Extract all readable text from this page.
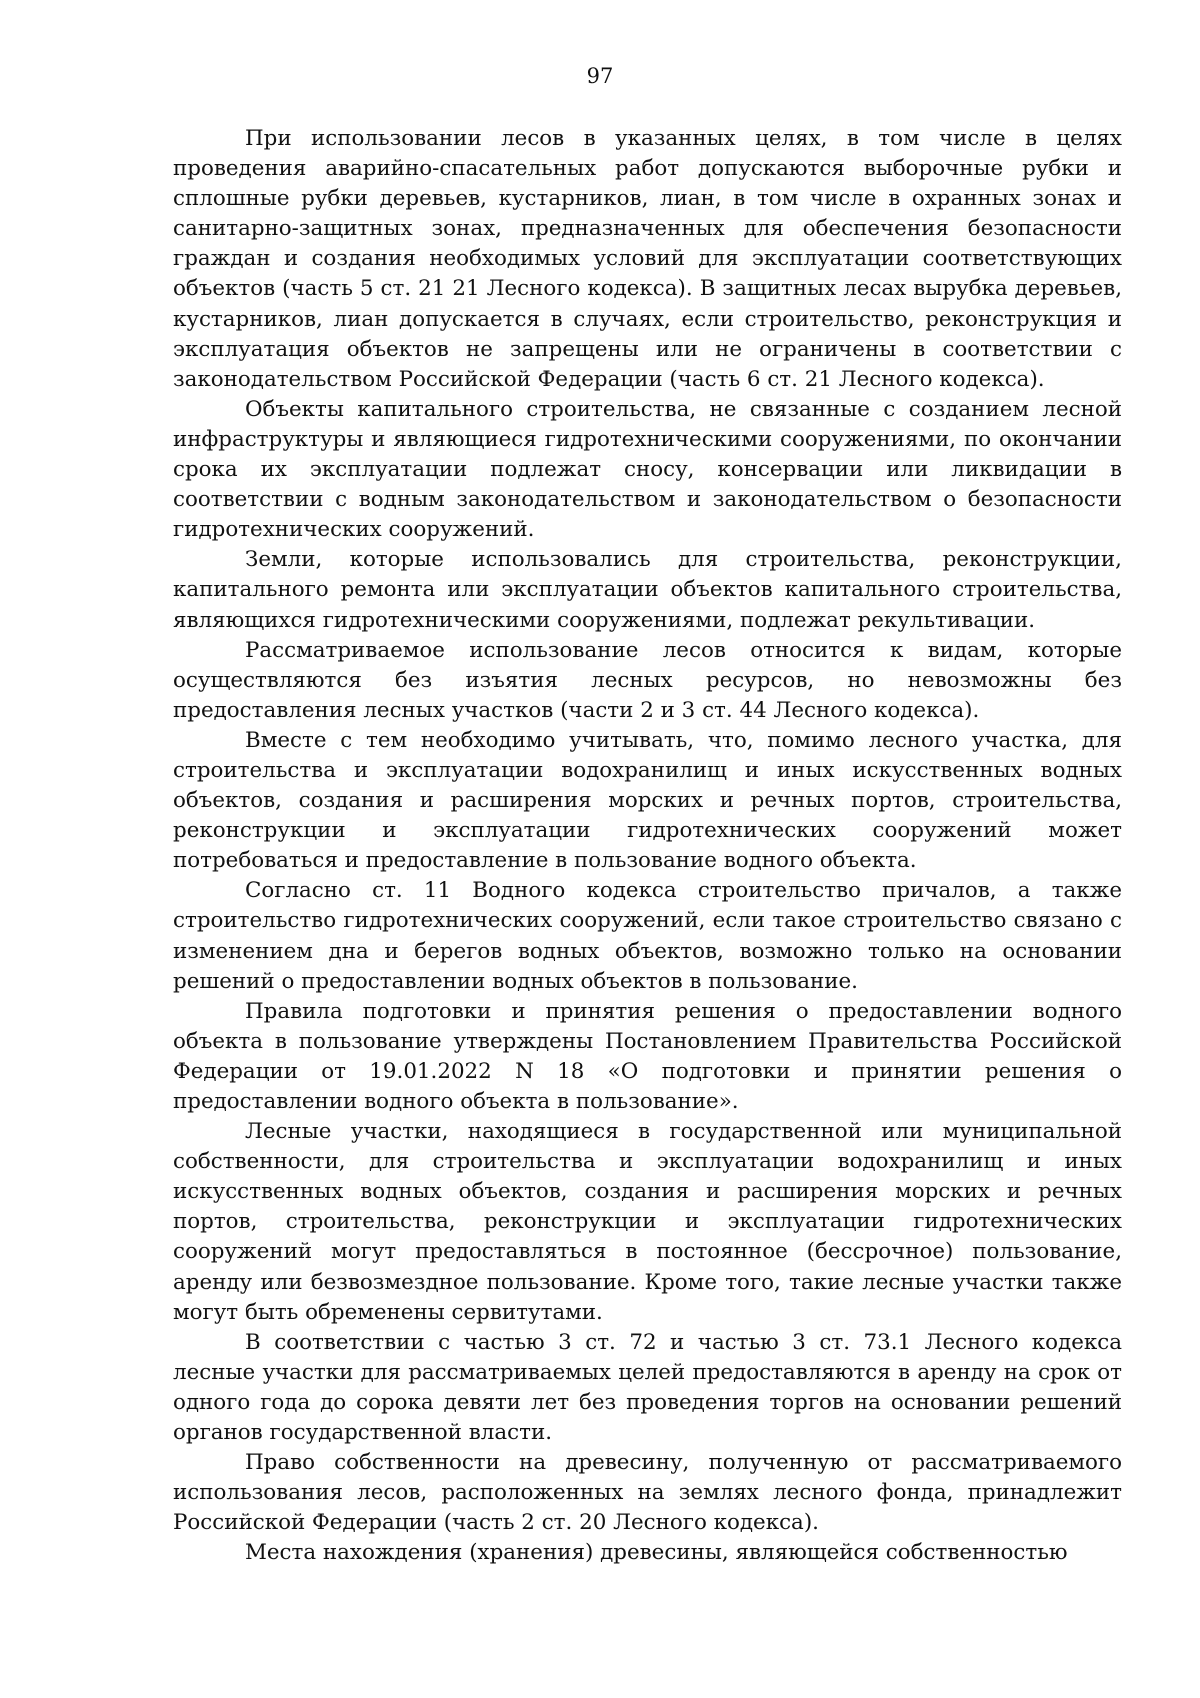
97

При использовании лесов в указанных целях, в том числе в целях проведения аварийно-спасательных работ допускаются выборочные рубки и сплошные рубки деревьев, кустарников, лиан, в том числе в охранных зонах и санитарно-защитных зонах, предназначенных для обеспечения безопасности граждан и создания необходимых условий для эксплуатации соответствующих объектов (часть 5 ст. 21 21 Лесного кодекса). В защитных лесах вырубка деревьев, кустарников, лиан допускается в случаях, если строительство, реконструкция и эксплуатация объектов не запрещены или не ограничены в соответствии с законодательством Российской Федерации (часть 6 ст. 21 Лесного кодекса).

Объекты капитального строительства, не связанные с созданием лесной инфраструктуры и являющиеся гидротехническими сооружениями, по окончании срока их эксплуатации подлежат сносу, консервации или ликвидации в соответствии с водным законодательством и законодательством о безопасности гидротехнических сооружений.

Земли, которые использовались для строительства, реконструкции, капитального ремонта или эксплуатации объектов капитального строительства, являющихся гидротехническими сооружениями, подлежат рекультивации.

Рассматриваемое использование лесов относится к видам, которые осуществляются без изъятия лесных ресурсов, но невозможны без предоставления лесных участков (части 2 и 3 ст. 44 Лесного кодекса).

Вместе с тем необходимо учитывать, что, помимо лесного участка, для строительства и эксплуатации водохранилищ и иных искусственных водных объектов, создания и расширения морских и речных портов, строительства, реконструкции и эксплуатации гидротехнических сооружений может потребоваться и предоставление в пользование водного объекта.

Согласно ст. 11 Водного кодекса строительство причалов, а также строительство гидротехнических сооружений, если такое строительство связано с изменением дна и берегов водных объектов, возможно только на основании решений о предоставлении водных объектов в пользование.

Правила подготовки и принятия решения о предоставлении водного объекта в пользование утверждены Постановлением Правительства Российской Федерации от 19.01.2022 N 18 «О подготовки и принятии решения о предоставлении водного объекта в пользование».

Лесные участки, находящиеся в государственной или муниципальной собственности, для строительства и эксплуатации водохранилищ и иных искусственных водных объектов, создания и расширения морских и речных портов, строительства, реконструкции и эксплуатации гидротехнических сооружений могут предоставляться в постоянное (бессрочное) пользование, аренду или безвозмездное пользование. Кроме того, такие лесные участки также могут быть обременены сервитутами.

В соответствии с частью 3 ст. 72 и частью 3 ст. 73.1 Лесного кодекса лесные участки для рассматриваемых целей предоставляются в аренду на срок от одного года до сорока девяти лет без проведения торгов на основании решений органов государственной власти.

Право собственности на древесину, полученную от рассматриваемого использования лесов, расположенных на землях лесного фонда, принадлежит Российской Федерации (часть 2 ст. 20 Лесного кодекса).

Места нахождения (хранения) древесины, являющейся собственностью
